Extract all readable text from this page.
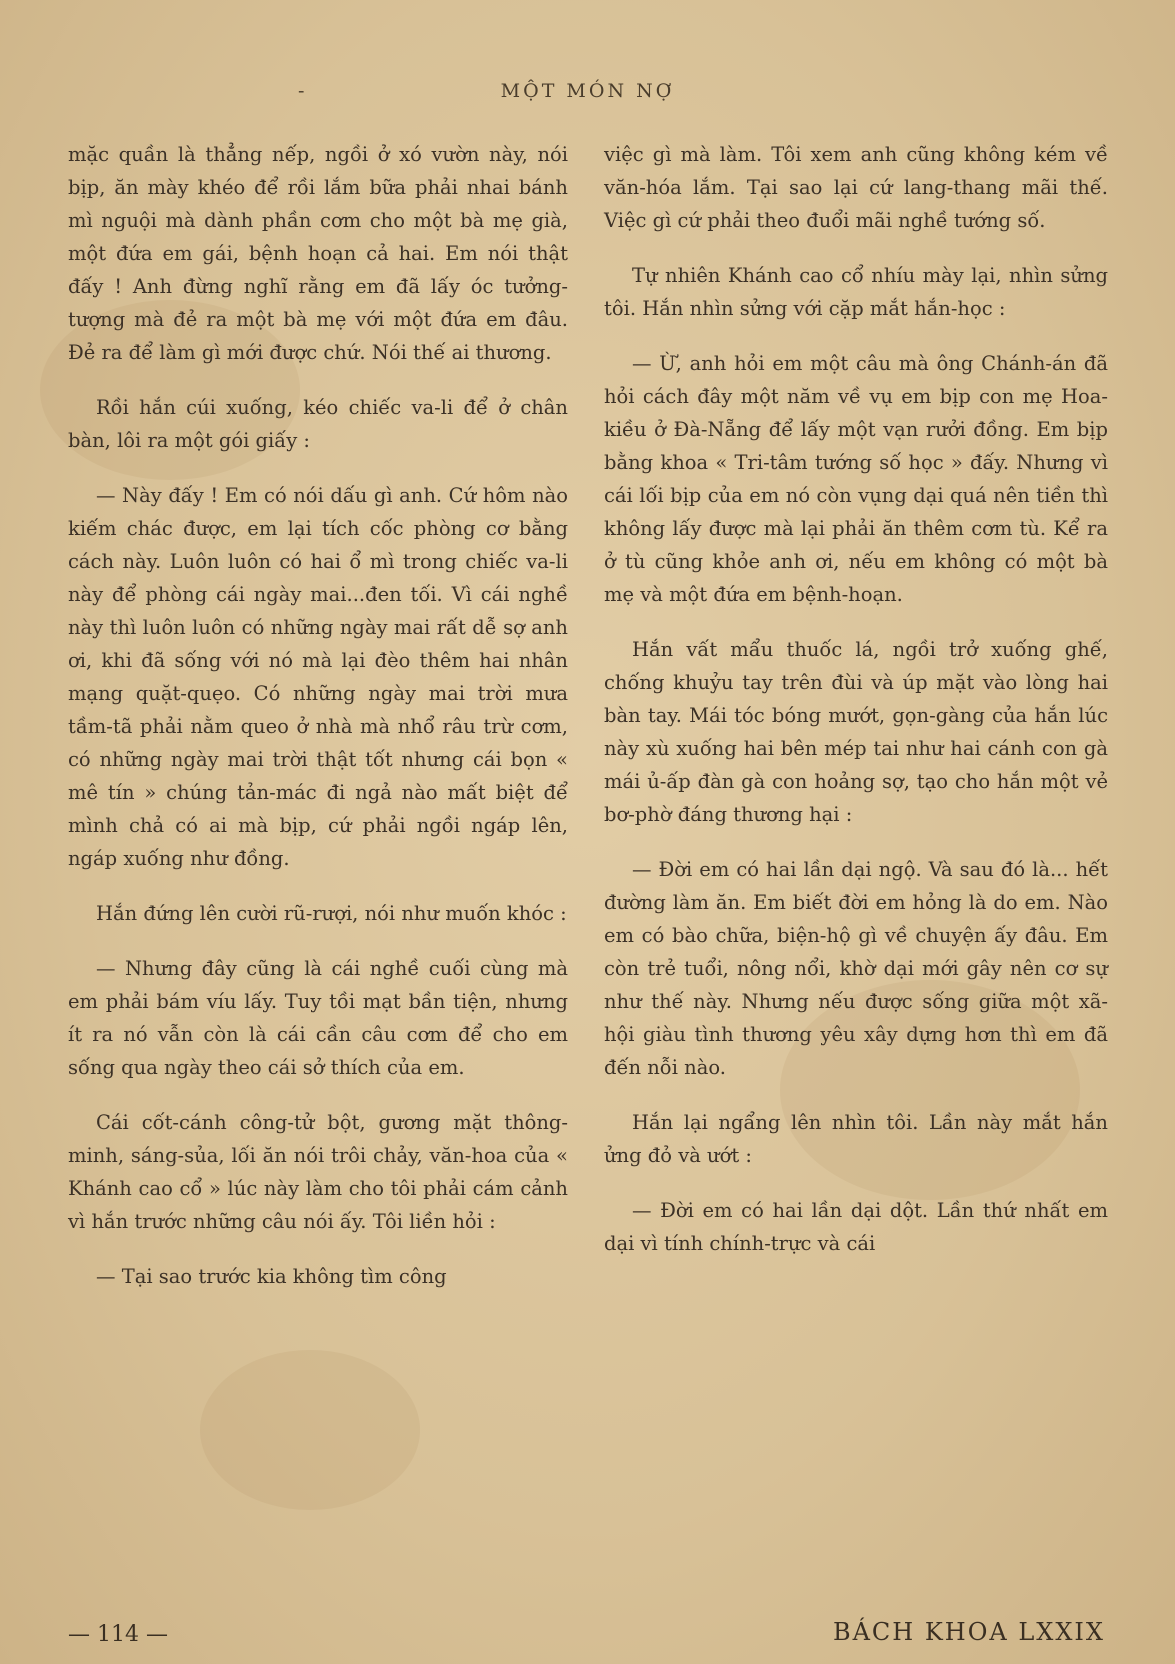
-	MỘT MÓN NỢ

mặc quần là thẳng nếp, ngồi ở xó vườn này, nói bịp, ăn mày khéo để rồi lắm bữa phải nhai bánh mì nguội mà dành phần cơm cho một bà mẹ già, một đứa em gái, bệnh hoạn cả hai. Em nói thật đấy ! Anh đừng nghĩ rằng em đã lấy óc tưởng-tượng mà đẻ ra một bà mẹ với một đứa em đâu. Đẻ ra để làm gì mới được chứ. Nói thế ai thương.

Rồi hắn cúi xuống, kéo chiếc va-li để ở chân bàn, lôi ra một gói giấy :

— Này đấy ! Em có nói dấu gì anh. Cứ hôm nào kiếm chác được, em lại tích cốc phòng cơ bằng cách này. Luôn luôn có hai ổ mì trong chiếc va-li này để phòng cái ngày mai...đen tối. Vì cái nghề này thì luôn luôn có những ngày mai rất dễ sợ anh ơi, khi đã sống với nó mà lại đèo thêm hai nhân mạng quặt-quẹo. Có những ngày mai trời mưa tầm-tã phải nằm queo ở nhà mà nhổ râu trừ cơm, có những ngày mai trời thật tốt nhưng cái bọn « mê tín » chúng tản-mác đi ngả nào mất biệt để mình chả có ai mà bịp, cứ phải ngồi ngáp lên, ngáp xuống như đồng.

Hắn đứng lên cười rũ-rượi, nói như muốn khóc :

— Nhưng đây cũng là cái nghề cuối cùng mà em phải bám víu lấy. Tuy tồi mạt bần tiện, nhưng ít ra nó vẫn còn là cái cần câu cơm để cho em sống qua ngày theo cái sở thích của em.

Cái cốt-cánh công-tử bột, gương mặt thông-minh, sáng-sủa, lối ăn nói trôi chảy, văn-hoa của « Khánh cao cổ » lúc này làm cho tôi phải cám cảnh vì hắn trước những câu nói ấy. Tôi liền hỏi :

— Tại sao trước kia không tìm công

việc gì mà làm. Tôi xem anh cũng không kém về văn-hóa lắm. Tại sao lại cứ lang-thang mãi thế. Việc gì cứ phải theo đuổi mãi nghề tướng số.

Tự nhiên Khánh cao cổ nhíu mày lại, nhìn sửng tôi. Hắn nhìn sửng với cặp mắt hắn-học :

— Ừ, anh hỏi em một câu mà ông Chánh-án đã hỏi cách đây một năm về vụ em bịp con mẹ Hoa-kiều ở Đà-Nẵng để lấy một vạn rưởi đồng. Em bịp bằng khoa « Tri-tâm tướng số học » đấy. Nhưng vì cái lối bịp của em nó còn vụng dại quá nên tiền thì không lấy được mà lại phải ăn thêm cơm tù. Kể ra ở tù cũng khỏe anh ơi, nếu em không có một bà mẹ và một đứa em bệnh-hoạn.

Hắn vất mẩu thuốc lá, ngồi trở xuống ghế, chống khuỷu tay trên đùi và úp mặt vào lòng hai bàn tay. Mái tóc bóng mướt, gọn-gàng của hắn lúc này xù xuống hai bên mép tai như hai cánh con gà mái ủ-ấp đàn gà con hoảng sợ, tạo cho hắn một vẻ bơ-phờ đáng thương hại :

— Đời em có hai lần dại ngộ. Và sau đó là... hết đường làm ăn. Em biết đời em hỏng là do em. Nào em có bào chữa, biện-hộ gì về chuyện ấy đâu. Em còn trẻ tuổi, nông nổi, khờ dại mới gây nên cơ sự như thế này. Nhưng nếu được sống giữa một xã-hội giàu tình thương yêu xây dựng hơn thì em đã đến nỗi nào.

Hắn lại ngẩng lên nhìn tôi. Lần này mắt hắn ửng đỏ và ướt :

— Đời em có hai lần dại dột. Lần thứ nhất em dại vì tính chính-trực và cái

— 114 —	BÁCH KHOA LXXIX
